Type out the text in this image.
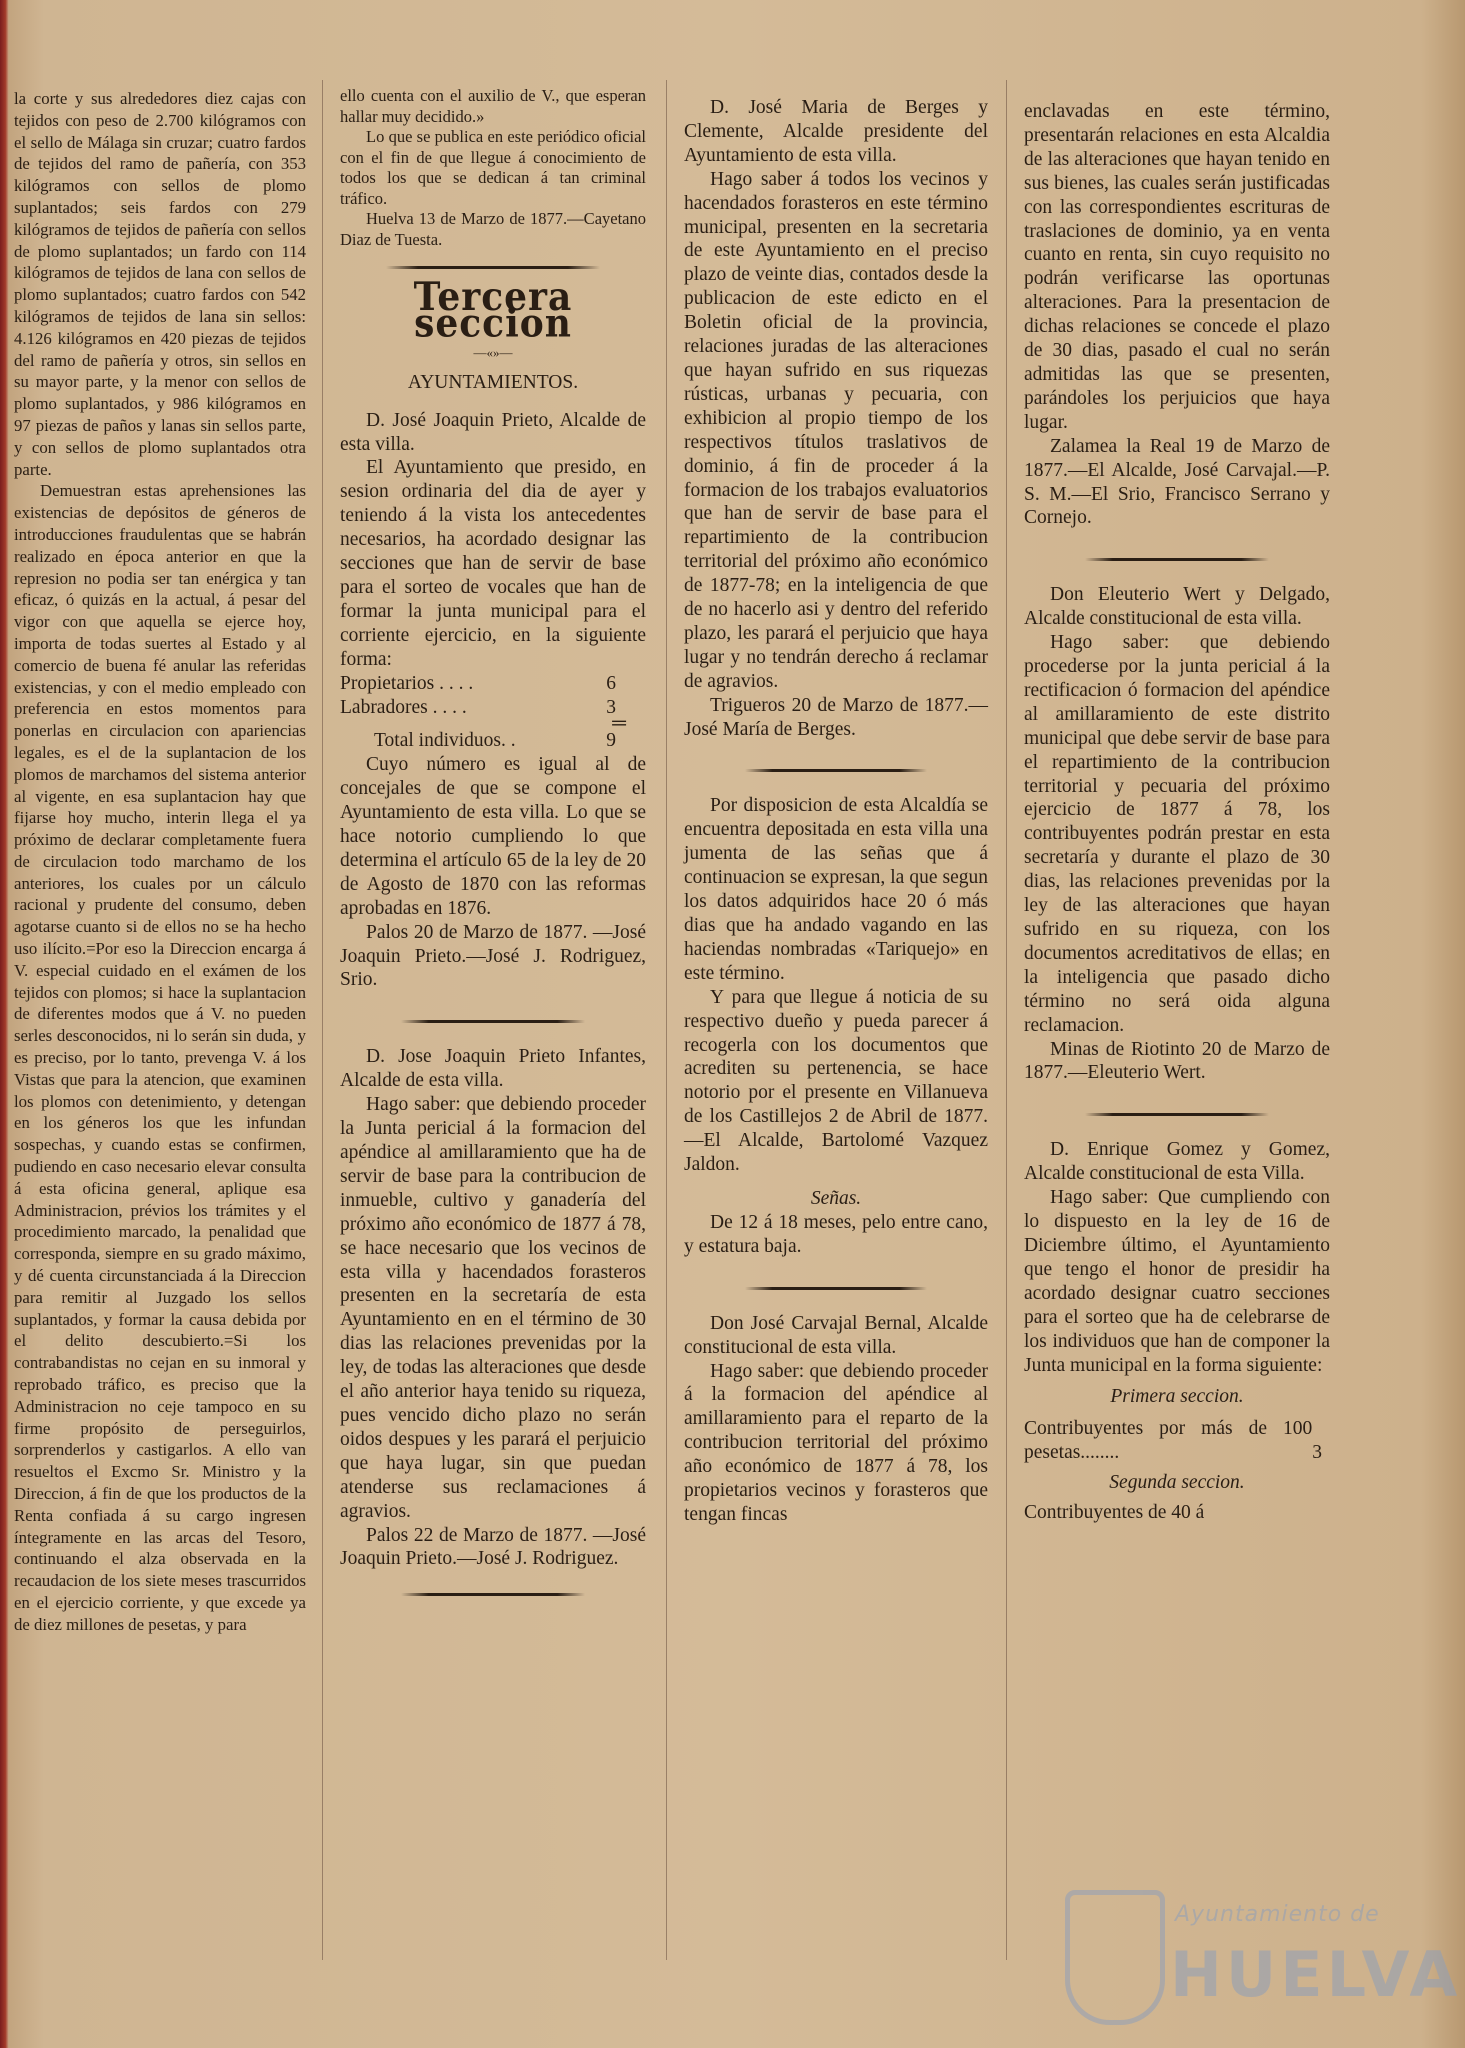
la corte y sus alrededores diez cajas con tejidos con peso de 2.700 kilógramos con el sello de Málaga sin cruzar; cuatro fardos de tejidos del ramo de pañería, con 353 kilógramos con sellos de plomo suplantados; seis fardos con 279 kilógramos de tejidos de pañería con sellos de plomo suplantados; un fardo con 114 kilógramos de tejidos de lana con sellos de plomo suplantados; cuatro fardos con 542 kilógramos de tejidos de lana sin sellos: 4.126 kilógramos en 420 piezas de tejidos del ramo de pañería y otros, sin sellos en su mayor parte, y la menor con sellos de plomo suplantados, y 986 kilógramos en 97 piezas de paños y lanas sin sellos parte, y con sellos de plomo suplantados otra parte.

Demuestran estas aprehensiones las existencias de depósitos de géneros de introducciones fraudulentas que se habrán realizado en época anterior en que la represion no podia ser tan enérgica y tan eficaz, ó quizás en la actual, á pesar del vigor con que aquella se ejerce hoy, importa de todas suertes al Estado y al comercio de buena fé anular las referidas existencias, y con el medio empleado con preferencia en estos momentos para ponerlas en circulacion con apariencias legales, es el de la suplantacion de los plomos de marchamos del sistema anterior al vigente, en esa suplantacion hay que fijarse hoy mucho, interin llega el ya próximo de declarar completamente fuera de circulacion todo marchamo de los anteriores, los cuales por un cálculo racional y prudente del consumo, deben agotarse cuanto si de ellos no se ha hecho uso ilícito.=Por eso la Direccion encarga á V. especial cuidado en el exámen de los tejidos con plomos; si hace la suplantacion de diferentes modos que á V. no pueden serles desconocidos, ni lo serán sin duda, y es preciso, por lo tanto, prevenga V. á los Vistas que para la atencion, que examinen los plomos con detenimiento, y detengan en los géneros los que les infundan sospechas, y cuando estas se confirmen, pudiendo en caso necesario elevar consulta á esta oficina general, aplique esa Administracion, prévios los trámites y el procedimiento marcado, la penalidad que corresponda, siempre en su grado máximo, y dé cuenta circunstanciada á la Direccion para remitir al Juzgado los sellos suplantados, y formar la causa debida por el delito descubierto.=Si los contrabandistas no cejan en su inmoral y reprobado tráfico, es preciso que la Administracion no ceje tampoco en su firme propósito de perseguirlos, sorprenderlos y castigarlos. A ello van resueltos el Excmo Sr. Ministro y la Direccion, á fin de que los productos de la Renta confiada á su cargo ingresen íntegramente en las arcas del Tesoro, continuando el alza observada en la recaudacion de los siete meses trascurridos en el ejercicio corriente, y que excede ya de diez millones de pesetas, y para

ello cuenta con el auxilio de V., que esperan hallar muy decidido.»

Lo que se publica en este periódico oficial con el fin de que llegue á conocimiento de todos los que se dedican á tan criminal tráfico.

Huelva 13 de Marzo de 1877.—Cayetano Diaz de Tuesta.

Tercera seccion
—«»—

AYUNTAMIENTOS.

D. José Joaquin Prieto, Alcalde de esta villa.

El Ayuntamiento que presido, en sesion ordinaria del dia de ayer y teniendo á la vista los antecedentes necesarios, ha acordado designar las secciones que han de servir de base para el sorteo de vocales que han de formar la junta municipal para el corriente ejercicio, en la siguiente forma:

Propietarios . . . .	6
Labradores . . . .	3
═
Total individuos. .	9

Cuyo número es igual al de concejales de que se compone el Ayuntamiento de esta villa. Lo que se hace notorio cumpliendo lo que determina el artículo 65 de la ley de 20 de Agosto de 1870 con las reformas aprobadas en 1876.

Palos 20 de Marzo de 1877. —José Joaquin Prieto.—José J. Rodriguez, Srio.

D. Jose Joaquin Prieto Infantes, Alcalde de esta villa.

Hago saber: que debiendo proceder la Junta pericial á la formacion del apéndice al amillaramiento que ha de servir de base para la contribucion de inmueble, cultivo y ganadería del próximo año económico de 1877 á 78, se hace necesario que los vecinos de esta villa y hacendados forasteros presenten en la secretaría de esta Ayuntamiento en en el término de 30 dias las relaciones prevenidas por la ley, de todas las alteraciones que desde el año anterior haya tenido su riqueza, pues vencido dicho plazo no serán oidos despues y les parará el perjuicio que haya lugar, sin que puedan atenderse sus reclamaciones á agravios.

Palos 22 de Marzo de 1877. —José Joaquin Prieto.—José J. Rodriguez.

D. José Maria de Berges y Clemente, Alcalde presidente del Ayuntamiento de esta villa.

Hago saber á todos los vecinos y hacendados forasteros en este término municipal, presenten en la secretaria de este Ayuntamiento en el preciso plazo de veinte dias, contados desde la publicacion de este edicto en el Boletin oficial de la provincia, relaciones juradas de las alteraciones que hayan sufrido en sus riquezas rústicas, urbanas y pecuaria, con exhibicion al propio tiempo de los respectivos títulos traslativos de dominio, á fin de proceder á la formacion de los trabajos evaluatorios que han de servir de base para el repartimiento de la contribucion territorial del próximo año económico de 1877-78; en la inteligencia de que de no hacerlo asi y dentro del referido plazo, les parará el perjuicio que haya lugar y no tendrán derecho á reclamar de agravios.

Trigueros 20 de Marzo de 1877.—José María de Berges.

Por disposicion de esta Alcaldía se encuentra depositada en esta villa una jumenta de las señas que á continuacion se expresan, la que segun los datos adquiridos hace 20 ó más dias que ha andado vagando en las haciendas nombradas «Tariquejo» en este término.

Y para que llegue á noticia de su respectivo dueño y pueda parecer á recogerla con los documentos que acrediten su pertenencia, se hace notorio por el presente en Villanueva de los Castillejos 2 de Abril de 1877.—El Alcalde, Bartolomé Vazquez Jaldon.

Señas.

De 12 á 18 meses, pelo entre cano, y estatura baja.

Don José Carvajal Bernal, Alcalde constitucional de esta villa.

Hago saber: que debiendo proceder á la formacion del apéndice al amillaramiento para el reparto de la contribucion territorial del próximo año económico de 1877 á 78, los propietarios vecinos y forasteros que tengan fincas

enclavadas en este término, presentarán relaciones en esta Alcaldia de las alteraciones que hayan tenido en sus bienes, las cuales serán justificadas con las correspondientes escrituras de traslaciones de dominio, ya en venta cuanto en renta, sin cuyo requisito no podrán verificarse las oportunas alteraciones. Para la presentacion de dichas relaciones se concede el plazo de 30 dias, pasado el cual no serán admitidas las que se presenten, parándoles los perjuicios que haya lugar.

Zalamea la Real 19 de Marzo de 1877.—El Alcalde, José Carvajal.—P. S. M.—El Srio, Francisco Serrano y Cornejo.

Don Eleuterio Wert y Delgado, Alcalde constitucional de esta villa.

Hago saber: que debiendo procederse por la junta pericial á la rectificacion ó formacion del apéndice al amillaramiento de este distrito municipal que debe servir de base para el repartimiento de la contribucion territorial y pecuaria del próximo ejercicio de 1877 á 78, los contribuyentes podrán prestar en esta secretaría y durante el plazo de 30 dias, las relaciones prevenidas por la ley de las alteraciones que hayan sufrido en su riqueza, con los documentos acreditativos de ellas; en la inteligencia que pasado dicho término no será oida alguna reclamacion.

Minas de Riotinto 20 de Marzo de 1877.—Eleuterio Wert.

D. Enrique Gomez y Gomez, Alcalde constitucional de esta Villa.

Hago saber: Que cumpliendo con lo dispuesto en la ley de 16 de Diciembre último, el Ayuntamiento que tengo el honor de presidir ha acordado designar cuatro secciones para el sorteo que ha de celebrarse de los individuos que han de componer la Junta municipal en la forma siguiente:

Primera seccion.

Contribuyentes por más de 100 pesetas........	3

Segunda seccion.

Contribuyentes de 40 á

Ayuntamiento de
HUELVA
